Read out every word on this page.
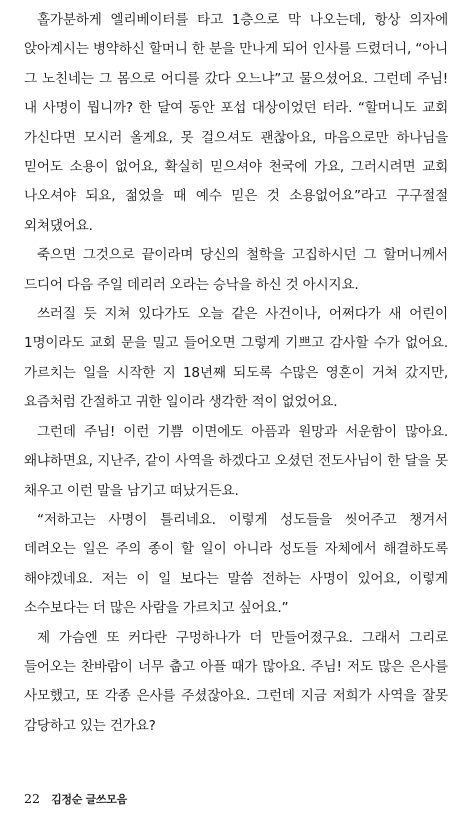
홀가분하게 엘리베이터를 타고 1층으로 막 나오는데, 항상 의자에 앉아계시는 병약하신 할머니 한 분을 만나게 되어 인사를 드렸더니, “아니 그 노친네는 그 몸으로 어디를 갔다 오느냐”고 물으셨어요. 그런데 주님! 내 사명이 뭡니까? 한 달여 동안 포섭 대상이었던 터라. “할머니도 교회 가신다면 모시러 올게요, 못 걸으셔도 괜찮아요, 마음으로만 하나님을 믿어도 소용이 없어요, 확실히 믿으셔야 천국에 가요, 그러시려면 교회 나오셔야 되요, 젊었을 때 예수 믿은 것 소용없어요”라고 구구절절 외쳐댔어요.

죽으면 그것으로 끝이라며 당신의 철학을 고집하시던 그 할머니께서 드디어 다음 주일 데리러 오라는 승낙을 하신 것 아시지요.

쓰러질 듯 지쳐 있다가도 오늘 같은 사건이나, 어쩌다가 새 어린이 1명이라도 교회 문을 밀고 들어오면 그렇게 기쁘고 감사할 수가 없어요. 가르치는 일을 시작한 지 18년째 되도록 수많은 영혼이 거쳐 갔지만, 요즘처럼 간절하고 귀한 일이라 생각한 적이 없었어요.

그런데 주님! 이런 기쁨 이면에도 아픔과 원망과 서운함이 많아요. 왜냐하면요, 지난주, 같이 사역을 하겠다고 오셨던 전도사님이 한 달을 못 채우고 이런 말을 남기고 떠났거든요.

“저하고는 사명이 틀리네요. 이렇게 성도들을 씻어주고 챙겨서 데려오는 일은 주의 종이 할 일이 아니라 성도들 자체에서 해결하도록 해야겠네요. 저는 이 일 보다는 말씀 전하는 사명이 있어요, 이렇게 소수보다는 더 많은 사람을 가르치고 싶어요.”

제 가슴엔 또 커다란 구멍하나가 더 만들어졌구요. 그래서 그리로 들어오는 찬바람이 너무 춥고 아플 때가 많아요. 주님! 저도 많은 은사를 사모했고, 또 각종 은사를 주셨잖아요. 그런데 지금 저희가 사역을 잘못 감당하고 있는 건가요?

22 김정순 글쓰모음
